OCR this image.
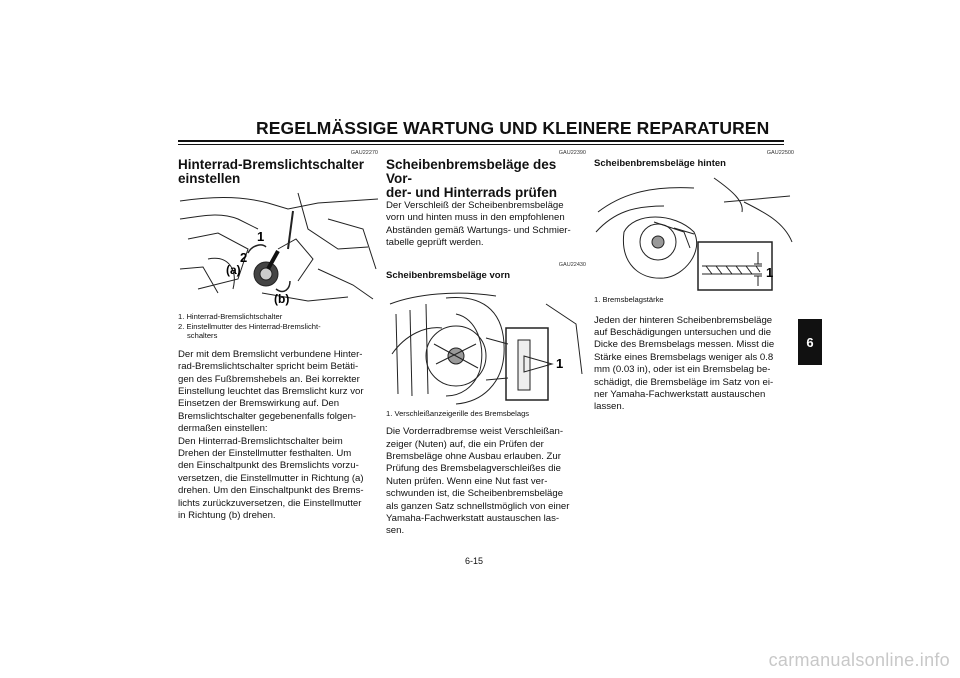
REGELMÄSSIGE WARTUNG UND KLEINERE REPARATUREN
GAU22270
Hinterrad-Bremslichtschalter einstellen
1
2
(a)
(b)
1. Hinterrad-Bremslichtschalter
2. Einstellmutter des Hinterrad-Bremslicht-
schalters

Der mit dem Bremslicht verbundene Hinter-
rad-Bremslichtschalter spricht beim Betäti-
gen des Fußbremshebels an. Bei korrekter
Einstellung leuchtet das Bremslicht kurz vor
Einsetzen der Bremswirkung auf. Den
Bremslichtschalter gegebenenfalls folgen-
dermaßen einstellen:
Den Hinterrad-Bremslichtschalter beim
Drehen der Einstellmutter festhalten. Um
den Einschaltpunkt des Bremslichts vorzu-
versetzen, die Einstellmutter in Richtung (a)
drehen. Um den Einschaltpunkt des Brems-
lichts zurückzuversetzen, die Einstellmutter
in Richtung (b) drehen.

GAU22390
Scheibenbremsbeläge des Vor-
der- und Hinterrads prüfen

Der Verschleiß der Scheibenbremsbeläge
vorn und hinten muss in den empfohlenen
Abständen gemäß Wartungs- und Schmier-
tabelle geprüft werden.

GAU22430
Scheibenbremsbeläge vorn
1

1. Verschleißanzeigerille des Bremsbelags

Die Vorderradbremse weist Verschleißan-
zeiger (Nuten) auf, die ein Prüfen der
Bremsbeläge ohne Ausbau erlauben. Zur
Prüfung des Bremsbelagverschleißes die
Nuten prüfen. Wenn eine Nut fast ver-
schwunden ist, die Scheibenbremsbeläge
als ganzen Satz schnellstmöglich von einer
Yamaha-Fachwerkstatt austauschen las-
sen.

GAU22500
Scheibenbremsbeläge hinten
1

1. Bremsbelagstärke

Jeden der hinteren Scheibenbremsbeläge
auf Beschädigungen untersuchen und die
Dicke des Bremsbelags messen. Misst die
Stärke eines Bremsbelags weniger als 0.8
mm (0.03 in), oder ist ein Bremsbelag be-
schädigt, die Bremsbeläge im Satz von ei-
ner Yamaha-Fachwerkstatt austauschen
lassen.

6
6-15
carmanualsonline.info
